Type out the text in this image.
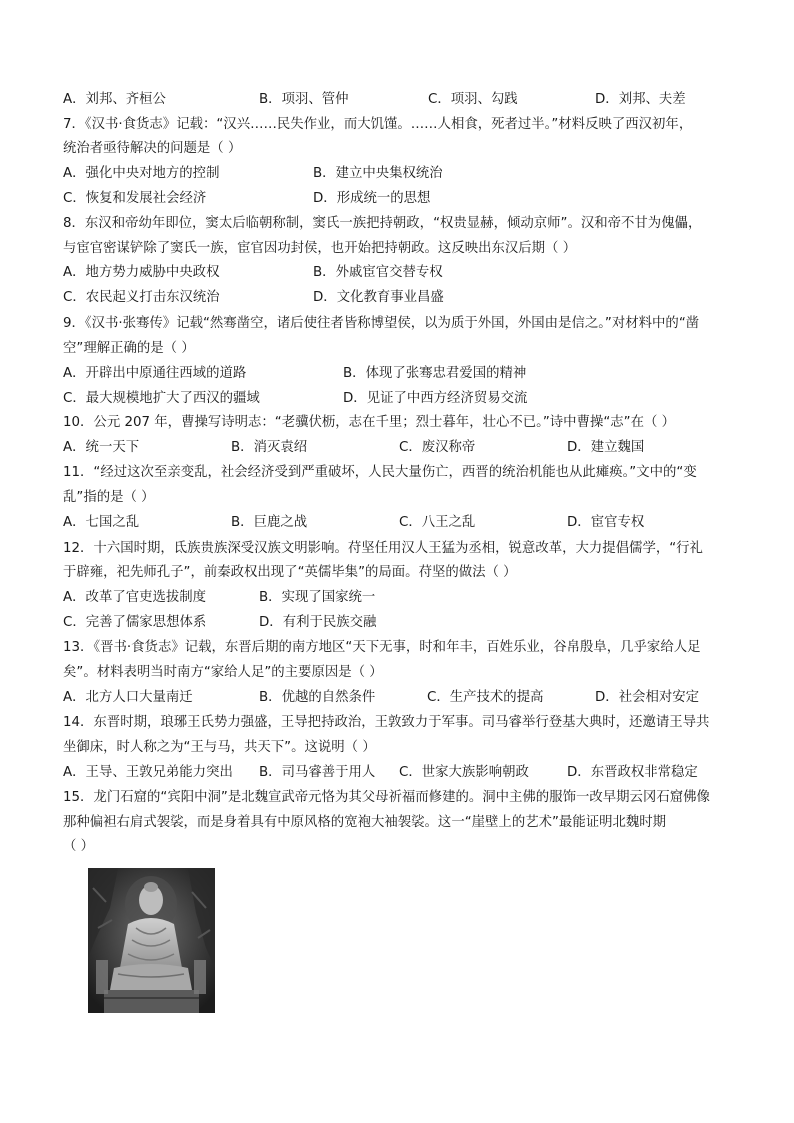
A．刘邦、齐桓公	B．项羽、管仲	C．项羽、勾践	D．刘邦、夫差
7．《汉书·食货志》记载：“汉兴……民失作业，而大饥馑。……人相食，死者过半。”材料反映了西汉初年，
统治者亟待解决的问题是（ ）
A．强化中央对地方的控制	B．建立中央集权统治
C．恢复和发展社会经济	D．形成统一的思想
8．东汉和帝幼年即位，窦太后临朝称制，窦氏一族把持朝政，“权贵显赫，倾动京师”。汉和帝不甘为傀儡，
与宦官密谋铲除了窦氏一族，宦官因功封侯，也开始把持朝政。这反映出东汉后期（ ）
A．地方势力威胁中央政权	B．外戚宦官交替专权
C．农民起义打击东汉统治	D．文化教育事业昌盛
9．《汉书·张骞传》记载“然骞凿空，诸后使往者皆称博望侯，以为质于外国，外国由是信之。”对材料中的“凿
空”理解正确的是（ ）
A．开辟出中原通往西域的道路	B．体现了张骞忠君爱国的精神
C．最大规模地扩大了西汉的疆域	D．见证了中西方经济贸易交流
10．公元 207 年，曹操写诗明志：“老骥伏枥，志在千里；烈士暮年，壮心不已。”诗中曹操“志”在（ ）
A．统一天下	B．消灭袁绍	C．废汉称帝	D．建立魏国
11．“经过这次至亲变乱，社会经济受到严重破坏，人民大量伤亡，西晋的统治机能也从此瘫痪。”文中的“变
乱”指的是（ ）
A．七国之乱	B．巨鹿之战	C．八王之乱	D．宦官专权
12．十六国时期，氐族贵族深受汉族文明影响。苻坚任用汉人王猛为丞相，锐意改革，大力提倡儒学，“行礼
于辟雍，祀先师孔子”，前秦政权出现了“英儒毕集”的局面。苻坚的做法（ ）
A．改革了官吏选拔制度	B．实现了国家统一
C．完善了儒家思想体系	D．有利于民族交融
13．《晋书·食货志》记载，东晋后期的南方地区“天下无事，时和年丰，百姓乐业，谷帛殷阜，几乎家给人足
矣”。材料表明当时南方“家给人足”的主要原因是（ ）
A．北方人口大量南迁	B．优越的自然条件	C．生产技术的提高	D．社会相对安定
14．东晋时期，琅琊王氏势力强盛，王导把持政治，王敦致力于军事。司马睿举行登基大典时，还邀请王导共
坐御床，时人称之为“王与马，共天下”。这说明（ ）
A．王导、王敦兄弟能力突出 B．司马睿善于用人 C．世家大族影响朝政	D．东晋政权非常稳定
15．龙门石窟的“宾阳中洞”是北魏宣武帝元恪为其父母祈福而修建的。洞中主佛的服饰一改早期云冈石窟佛像
那种偏袒右肩式袈裟，而是身着具有中原风格的宽袍大袖袈裟。这一“崖壁上的艺术”最能证明北魏时期
（ ）
